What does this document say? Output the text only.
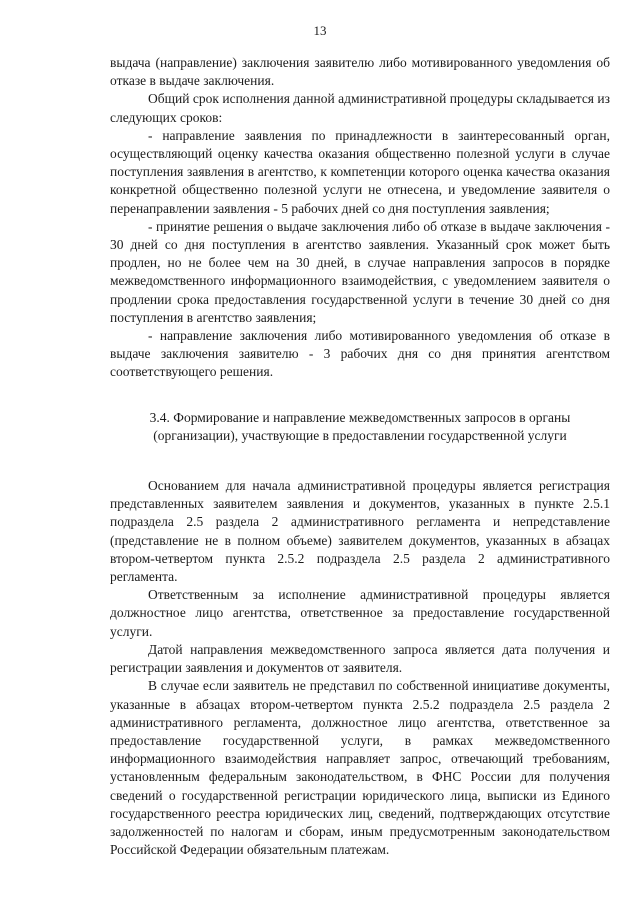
13

выдача (направление) заключения заявителю либо мотивированного уведомления об отказе в выдаче заключения.

Общий срок исполнения данной административной процедуры складывается из следующих сроков:

- направление заявления по принадлежности в заинтересованный орган, осуществляющий оценку качества оказания общественно полезной услуги в случае поступления заявления в агентство, к компетенции которого оценка качества оказания конкретной общественно полезной услуги не отнесена, и уведомление заявителя о перенаправлении заявления - 5 рабочих дней со дня поступления заявления;

- принятие решения о выдаче заключения либо об отказе в выдаче заключения - 30 дней со дня поступления в агентство заявления. Указанный срок может быть продлен, но не более чем на 30 дней, в случае направления запросов в порядке межведомственного информационного взаимодействия, с уведомлением заявителя о продлении срока предоставления государственной услуги в течение 30 дней со дня поступления в агентство заявления;

- направление заключения либо мотивированного уведомления об отказе в выдаче заключения заявителю - 3 рабочих дня со дня принятия агентством соответствующего решения.

3.4. Формирование и направление межведомственных запросов в органы

(организации), участвующие в предоставлении государственной услуги

Основанием для начала административной процедуры является регистрация представленных заявителем заявления и документов, указанных в пункте 2.5.1 подраздела 2.5 раздела 2 административного регламента и непредставление (представление не в полном объеме) заявителем документов, указанных в абзацах втором-четвертом пункта 2.5.2 подраздела 2.5 раздела 2 административного регламента.

Ответственным за исполнение административной процедуры является должностное лицо агентства, ответственное за предоставление государственной услуги.

Датой направления межведомственного запроса является дата получения и регистрации заявления и документов от заявителя.

В случае если заявитель не представил по собственной инициативе документы, указанные в абзацах втором-четвертом пункта 2.5.2 подраздела 2.5 раздела 2 административного регламента, должностное лицо агентства, ответственное за предоставление государственной услуги, в рамках межведомственного информационного взаимодействия направляет запрос, отвечающий требованиям, установленным федеральным законодательством, в ФНС России для получения сведений о государственной регистрации юридического лица, выписки из Единого государственного реестра юридических лиц, сведений, подтверждающих отсутствие задолженностей по налогам и сборам, иным предусмотренным законодательством Российской Федерации обязательным платежам.
